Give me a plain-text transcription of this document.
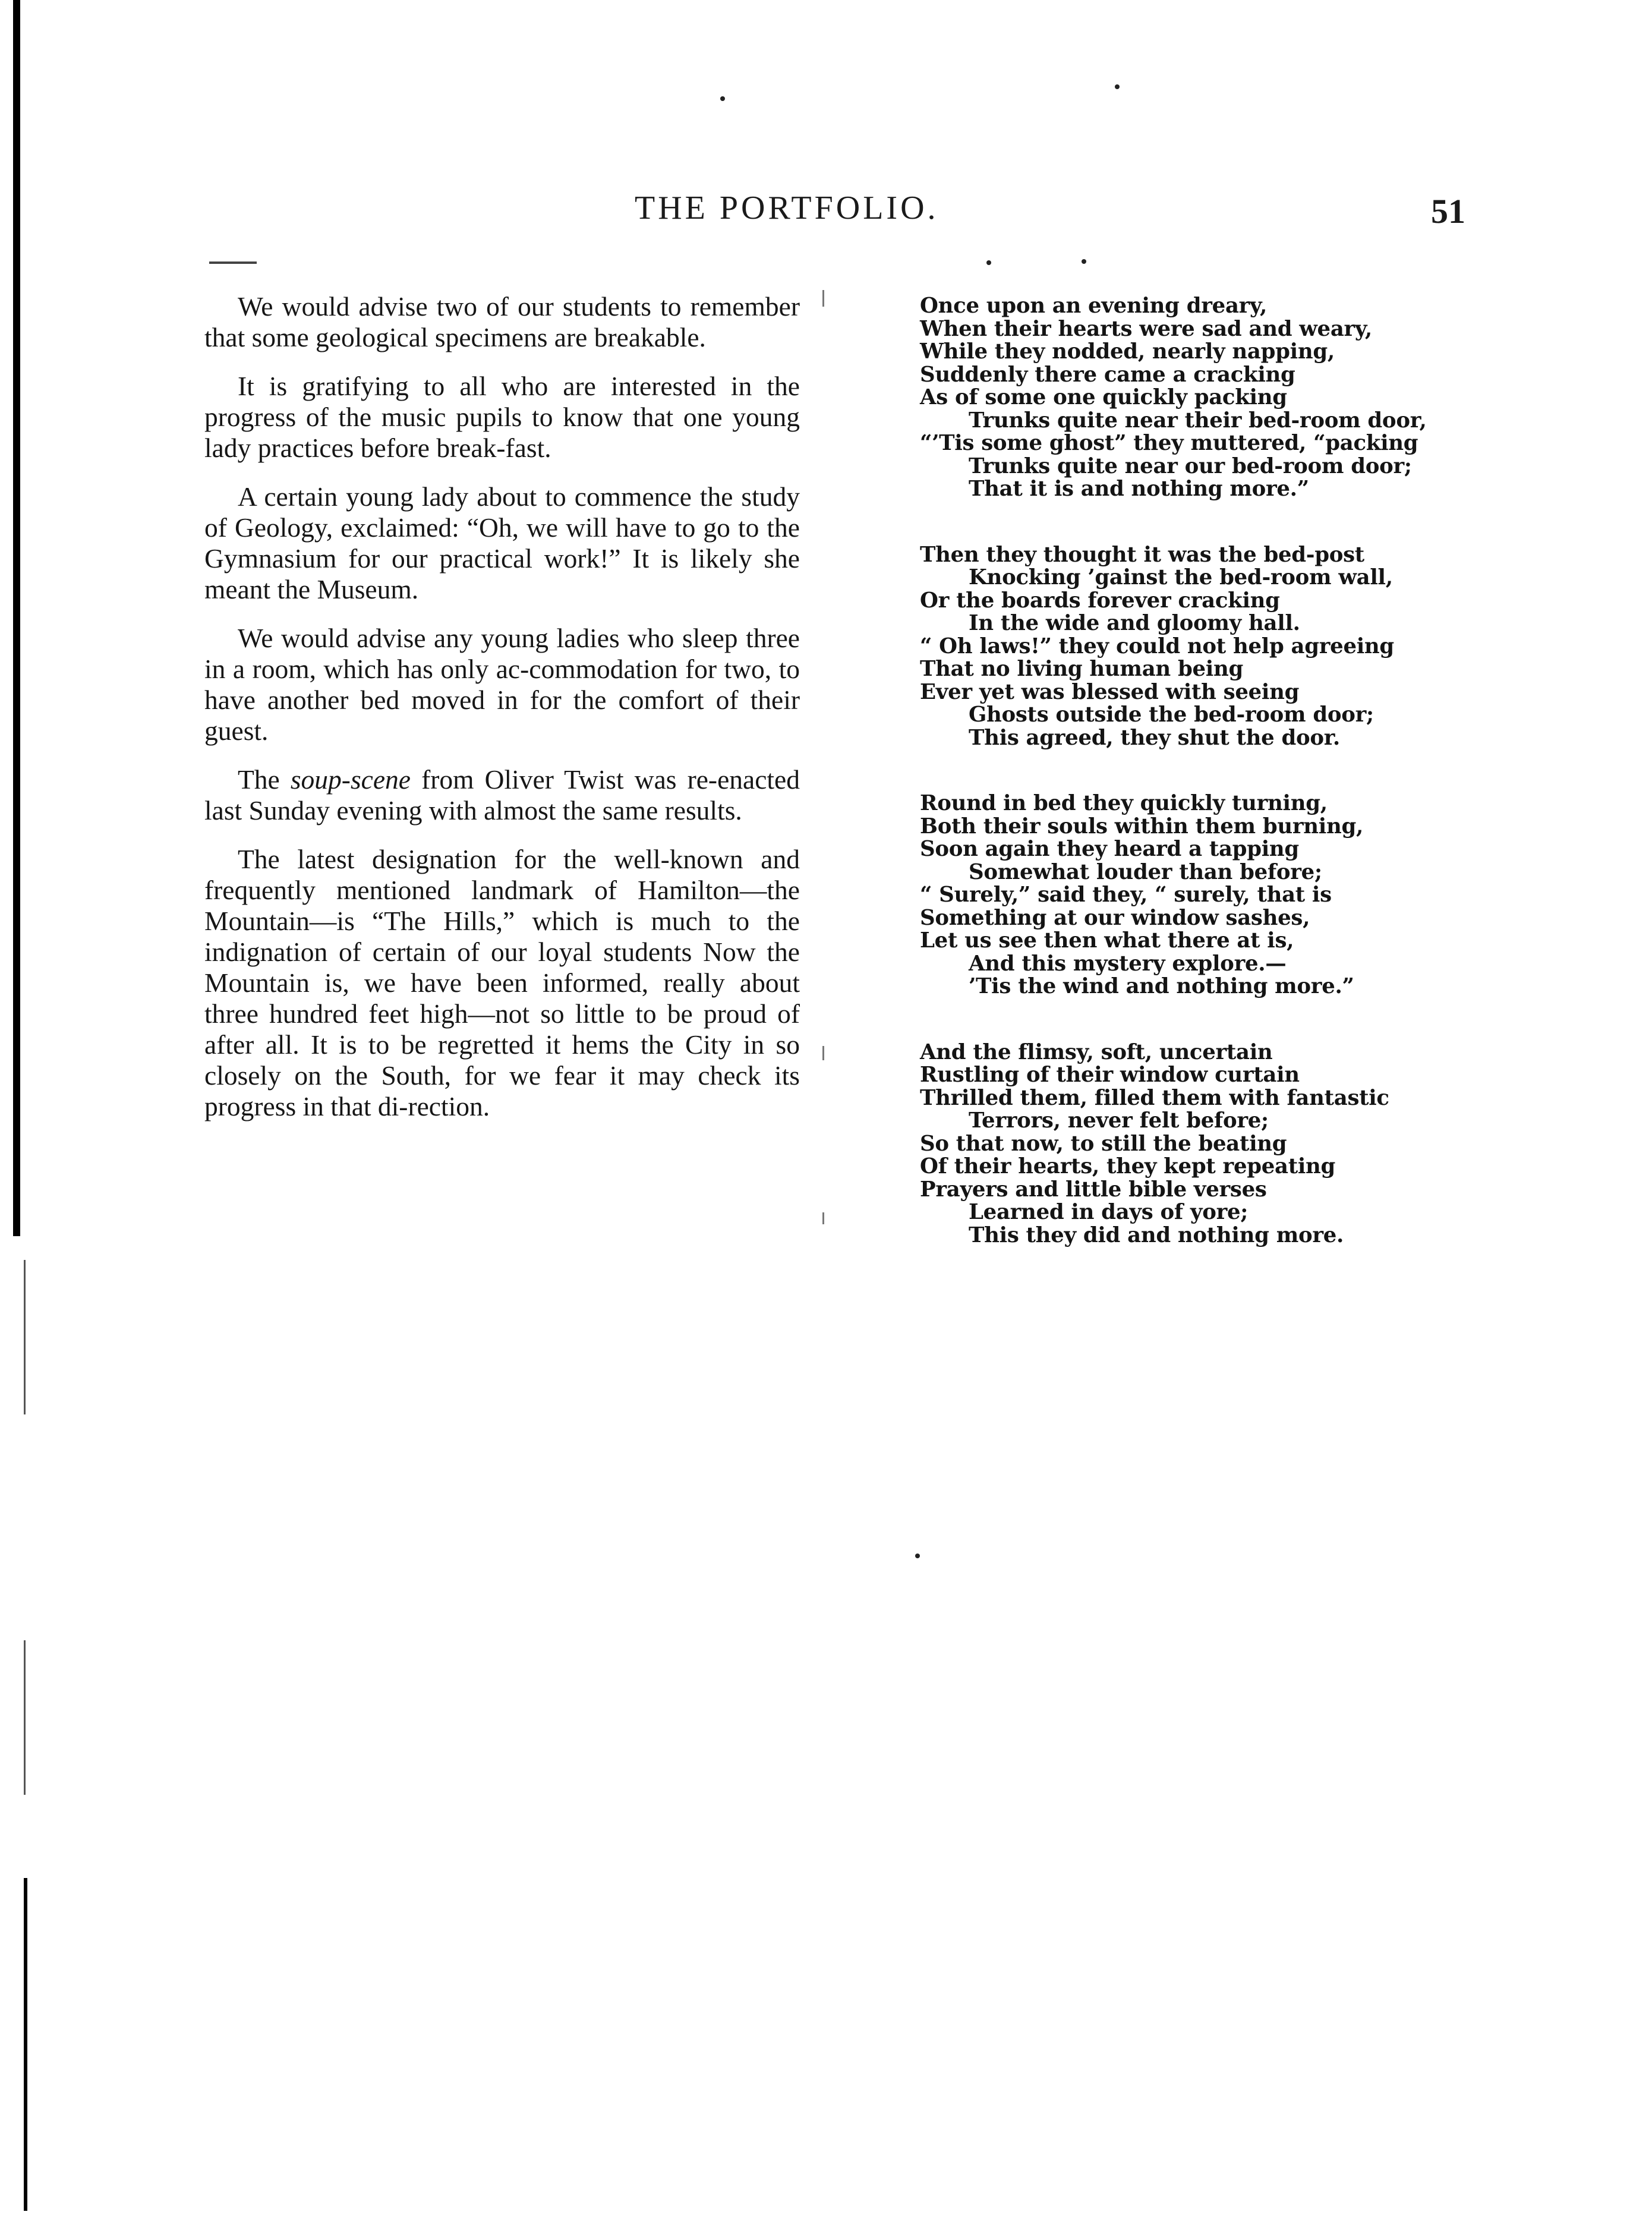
THE PORTFOLIO.	51

We would advise two of our students to remember that some geological specimens are breakable.

It is gratifying to all who are interested in the progress of the music pupils to know that one young lady practices before break-fast.

A certain young lady about to commence the study of Geology, exclaimed: “Oh, we will have to go to the Gymnasium for our practical work!” It is likely she meant the Museum.

We would advise any young ladies who sleep three in a room, which has only ac-commodation for two, to have another bed moved in for the comfort of their guest.

The soup-scene from Oliver Twist was re-enacted last Sunday evening with almost the same results.

The latest designation for the well-known and frequently mentioned landmark of Hamilton—the Mountain—is “The Hills,” which is much to the indignation of certain of our loyal students Now the Mountain is, we have been informed, really about three hundred feet high—not so little to be proud of after all. It is to be regretted it hems the City in so closely on the South, for we fear it may check its progress in that di-rection.

Once upon an evening dreary,
When their hearts were sad and weary,
While they nodded, nearly napping,
Suddenly there came a cracking
As of some one quickly packing
Trunks quite near their bed-room door,
“’Tis some ghost” they muttered, “packing
Trunks quite near our bed-room door;
That it is and nothing more.”
Then they thought it was the bed-post
Knocking ’gainst the bed-room wall,
Or the boards forever cracking
In the wide and gloomy hall.
“ Oh laws!” they could not help agreeing
That no living human being
Ever yet was blessed with seeing
Ghosts outside the bed-room door;
This agreed, they shut the door.
Round in bed they quickly turning,
Both their souls within them burning,
Soon again they heard a tapping
Somewhat louder than before;
“ Surely,” said they, “ surely, that is
Something at our window sashes,
Let us see then what there at is,
And this mystery explore.—
’Tis the wind and nothing more.”
And the flimsy, soft, uncertain
Rustling of their window curtain
Thrilled them, filled them with fantastic
Terrors, never felt before;
So that now, to still the beating
Of their hearts, they kept repeating
Prayers and little bible verses
Learned in days of yore;
This they did and nothing more.
